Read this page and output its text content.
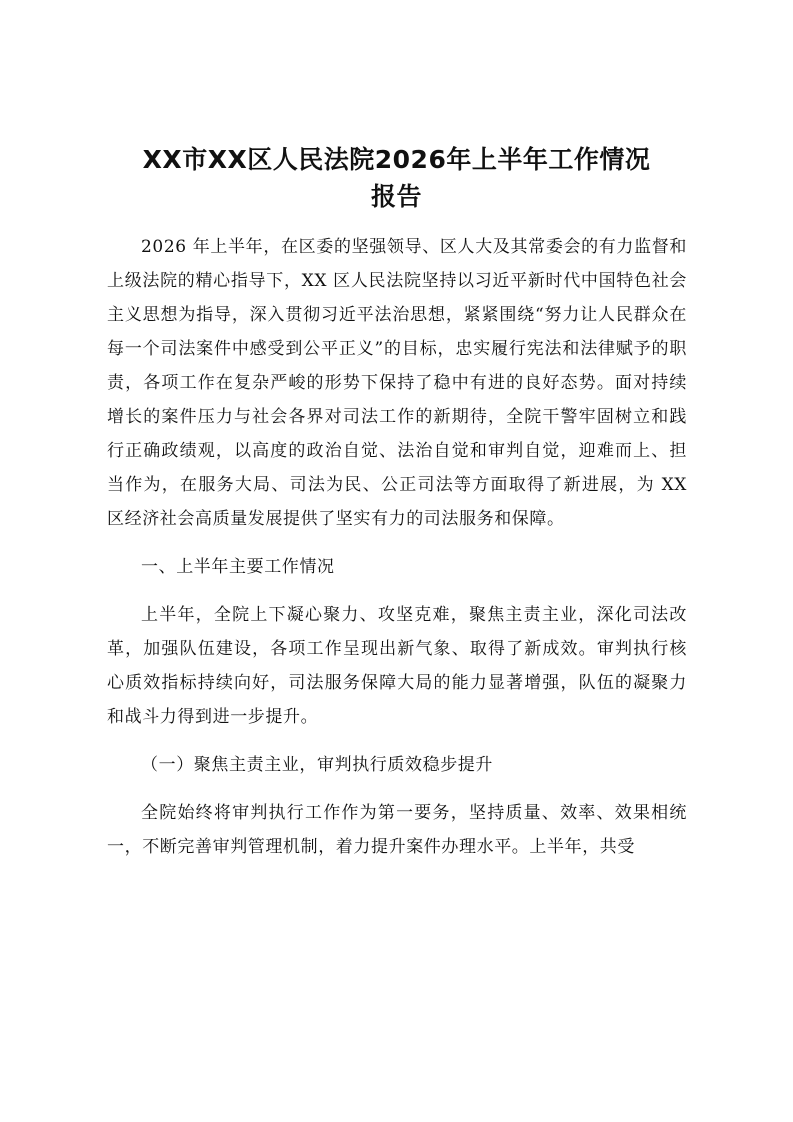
XX市XX区人民法院2026年上半年工作情况
报告

2026 年上半年，在区委的坚强领导、区人大及其常委会的有力监督和上级法院的精心指导下，XX 区人民法院坚持以习近平新时代中国特色社会主义思想为指导，深入贯彻习近平法治思想，紧紧围绕“努力让人民群众在每一个司法案件中感受到公平正义”的目标，忠实履行宪法和法律赋予的职责，各项工作在复杂严峻的形势下保持了稳中有进的良好态势。面对持续增长的案件压力与社会各界对司法工作的新期待，全院干警牢固树立和践行正确政绩观，以高度的政治自觉、法治自觉和审判自觉，迎难而上、担当作为，在服务大局、司法为民、公正司法等方面取得了新进展，为 XX 区经济社会高质量发展提供了坚实有力的司法服务和保障。

一、上半年主要工作情况

上半年，全院上下凝心聚力、攻坚克难，聚焦主责主业，深化司法改革，加强队伍建设，各项工作呈现出新气象、取得了新成效。审判执行核心质效指标持续向好，司法服务保障大局的能力显著增强，队伍的凝聚力和战斗力得到进一步提升。

（一）聚焦主责主业，审判执行质效稳步提升

全院始终将审判执行工作作为第一要务，坚持质量、效率、效果相统一，不断完善审判管理机制，着力提升案件办理水平。上半年，共受
